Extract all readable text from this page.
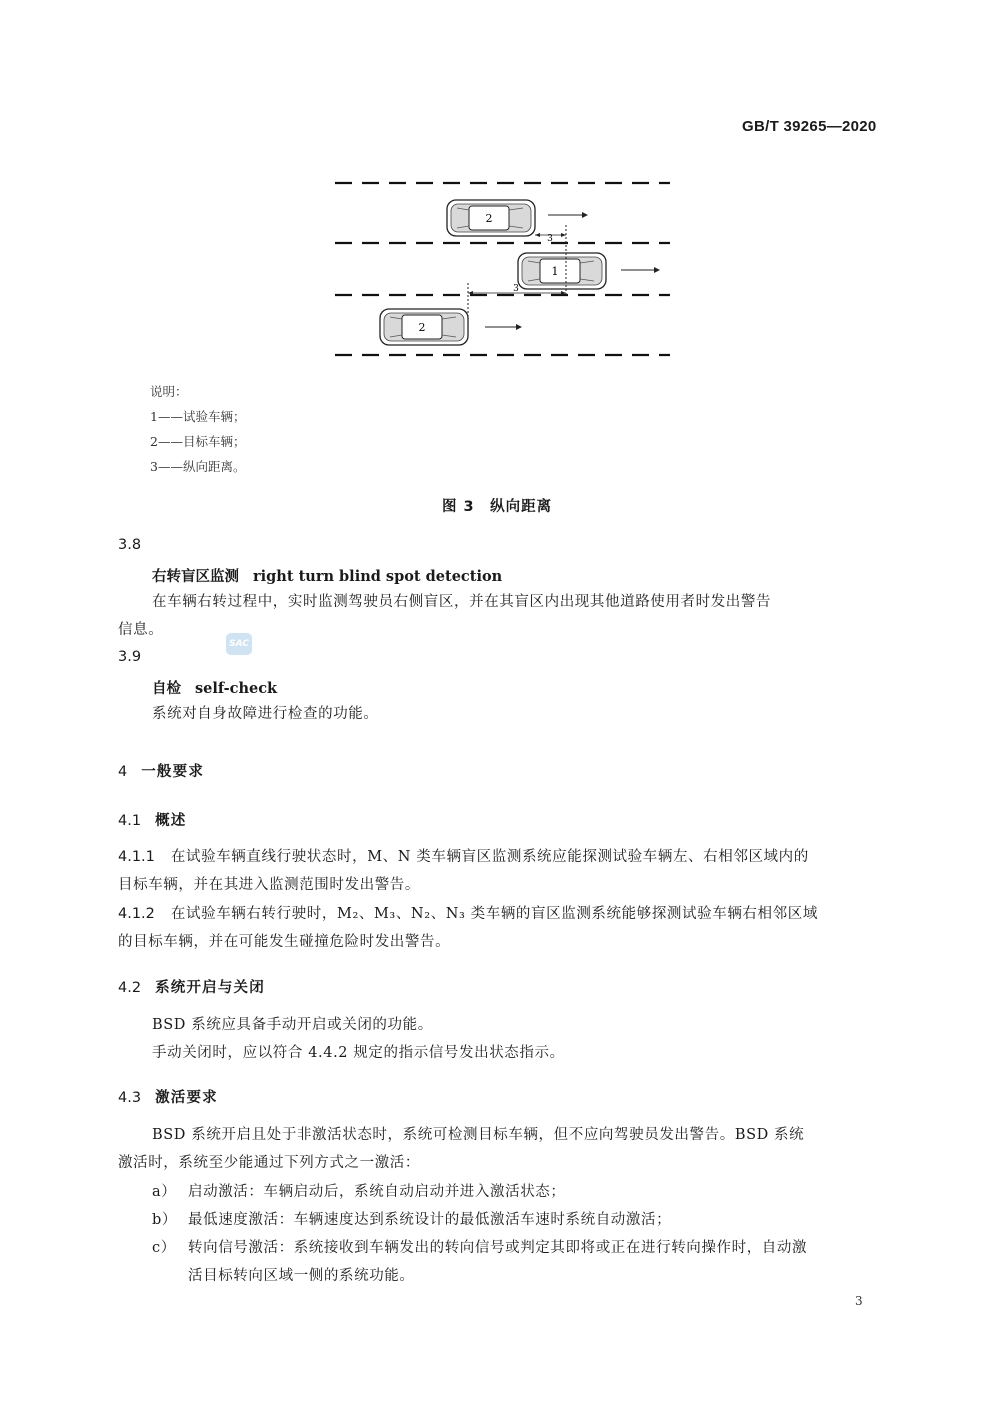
GB/T 39265—2020
2
1
2
3
3
说明：
1——试验车辆；
2——目标车辆；
3——纵向距离。
图 3　纵向距离
3.8
右转盲区监测 right turn blind spot detection
在车辆右转过程中，实时监测驾驶员右侧盲区，并在其盲区内出现其他道路使用者时发出警告
信息。
SAC
3.9
自检 self-check
系统对自身故障进行检查的功能。
4 一般要求
4.1 概述
4.1.1 在试验车辆直线行驶状态时，M、N 类车辆盲区监测系统应能探测试验车辆左、右相邻区域内的
目标车辆，并在其进入监测范围时发出警告。
4.1.2 在试验车辆右转行驶时，M₂、M₃、N₂、N₃ 类车辆的盲区监测系统能够探测试验车辆右相邻区域
的目标车辆，并在可能发生碰撞危险时发出警告。
4.2 系统开启与关闭
BSD 系统应具备手动开启或关闭的功能。
手动关闭时，应以符合 4.4.2 规定的指示信号发出状态指示。
4.3 激活要求
BSD 系统开启且处于非激活状态时，系统可检测目标车辆，但不应向驾驶员发出警告。BSD 系统
激活时，系统至少能通过下列方式之一激活：
a） 启动激活：车辆启动后，系统自动启动并进入激活状态；
b） 最低速度激活：车辆速度达到系统设计的最低激活车速时系统自动激活；
c） 转向信号激活：系统接收到车辆发出的转向信号或判定其即将或正在进行转向操作时，自动激
活目标转向区域一侧的系统功能。
3
